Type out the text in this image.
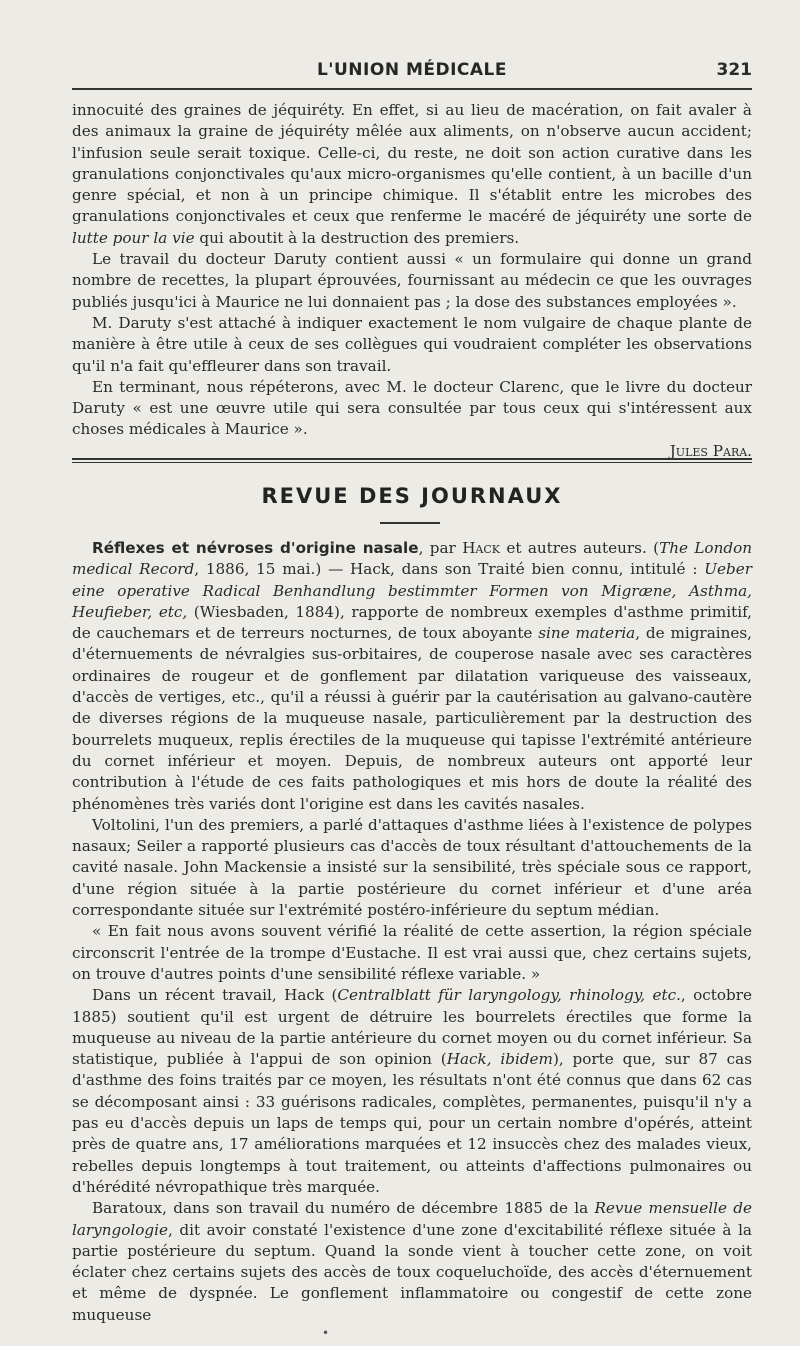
L'UNION MÉDICALE	321

innocuité des graines de jéquiréty. En effet, si au lieu de macération, on fait avaler à des animaux la graine de jéquiréty mêlée aux aliments, on n'observe aucun accident; l'infusion seule serait toxique. Celle-ci, du reste, ne doit son action curative dans les granulations conjonctivales qu'aux micro-organismes qu'elle contient, à un bacille d'un genre spécial, et non à un principe chimique. Il s'établit entre les microbes des granulations conjonctivales et ceux que renferme le macéré de jéquiréty une sorte de lutte pour la vie qui aboutit à la destruction des premiers.

Le travail du docteur Daruty contient aussi « un formulaire qui donne un grand nombre de recettes, la plupart éprouvées, fournissant au médecin ce que les ouvrages publiés jusqu'ici à Maurice ne lui donnaient pas ; la dose des substances employées ».

M. Daruty s'est attaché à indiquer exactement le nom vulgaire de chaque plante de manière à être utile à ceux de ses collègues qui voudraient compléter les observations qu'il n'a fait qu'effleurer dans son travail.

En terminant, nous répéterons, avec M. le docteur Clarenc, que le livre du docteur Daruty « est une œuvre utile qui sera consultée par tous ceux qui s'intéressent aux choses médicales à Maurice ».

Jules Para.
REVUE DES JOURNAUX

Réflexes et névroses d'origine nasale, par Hack et autres auteurs. (The London medical Record, 1886, 15 mai.) — Hack, dans son Traité bien connu, intitulé : Ueber eine operative Radical Benhandlung bestimmter Formen von Migræne, Asthma, Heufieber, etc, (Wiesbaden, 1884), rapporte de nombreux exemples d'asthme primitif, de cauchemars et de terreurs nocturnes, de toux aboyante sine materia, de migraines, d'éternuements de névralgies sus-orbitaires, de couperose nasale avec ses caractères ordinaires de rougeur et de gonflement par dilatation variqueuse des vaisseaux, d'accès de vertiges, etc., qu'il a réussi à guérir par la cautérisation au galvano-cautère de diverses régions de la muqueuse nasale, particulièrement par la destruction des bourrelets muqueux, replis érectiles de la muqueuse qui tapisse l'extrémité antérieure du cornet inférieur et moyen. Depuis, de nombreux auteurs ont apporté leur contribution à l'étude de ces faits pathologiques et mis hors de doute la réalité des phénomènes très variés dont l'origine est dans les cavités nasales.

Voltolini, l'un des premiers, a parlé d'attaques d'asthme liées à l'existence de polypes nasaux; Seiler a rapporté plusieurs cas d'accès de toux résultant d'attouchements de la cavité nasale. John Mackensie a insisté sur la sensibilité, très spéciale sous ce rapport, d'une région située à la partie postérieure du cornet inférieur et d'une aréa correspondante située sur l'extrémité postéro-inférieure du septum médian.

« En fait nous avons souvent vérifié la réalité de cette assertion, la région spéciale circonscrit l'entrée de la trompe d'Eustache. Il est vrai aussi que, chez certains sujets, on trouve d'autres points d'une sensibilité réflexe variable. »

Dans un récent travail, Hack (Centralblatt für laryngology, rhinology, etc., octobre 1885) soutient qu'il est urgent de détruire les bourrelets érectiles que forme la muqueuse au niveau de la partie antérieure du cornet moyen ou du cornet inférieur. Sa statistique, publiée à l'appui de son opinion (Hack, ibidem), porte que, sur 87 cas d'asthme des foins traités par ce moyen, les résultats n'ont été connus que dans 62 cas se décomposant ainsi : 33 guérisons radicales, complètes, permanentes, puisqu'il n'y a pas eu d'accès depuis un laps de temps qui, pour un certain nombre d'opérés, atteint près de quatre ans, 17 améliorations marquées et 12 insuccès chez des malades vieux, rebelles depuis longtemps à tout traitement, ou atteints d'affections pulmonaires ou d'hérédité névropathique très marquée.

Baratoux, dans son travail du numéro de décembre 1885 de la Revue mensuelle de laryngologie, dit avoir constaté l'existence d'une zone d'excitabilité réflexe située à la partie postérieure du septum. Quand la sonde vient à toucher cette zone, on voit éclater chez certains sujets des accès de toux coqueluchoïde, des accès d'éternuement et même de dyspnée. Le gonflement inflammatoire ou congestif de cette zone muqueuse

•
